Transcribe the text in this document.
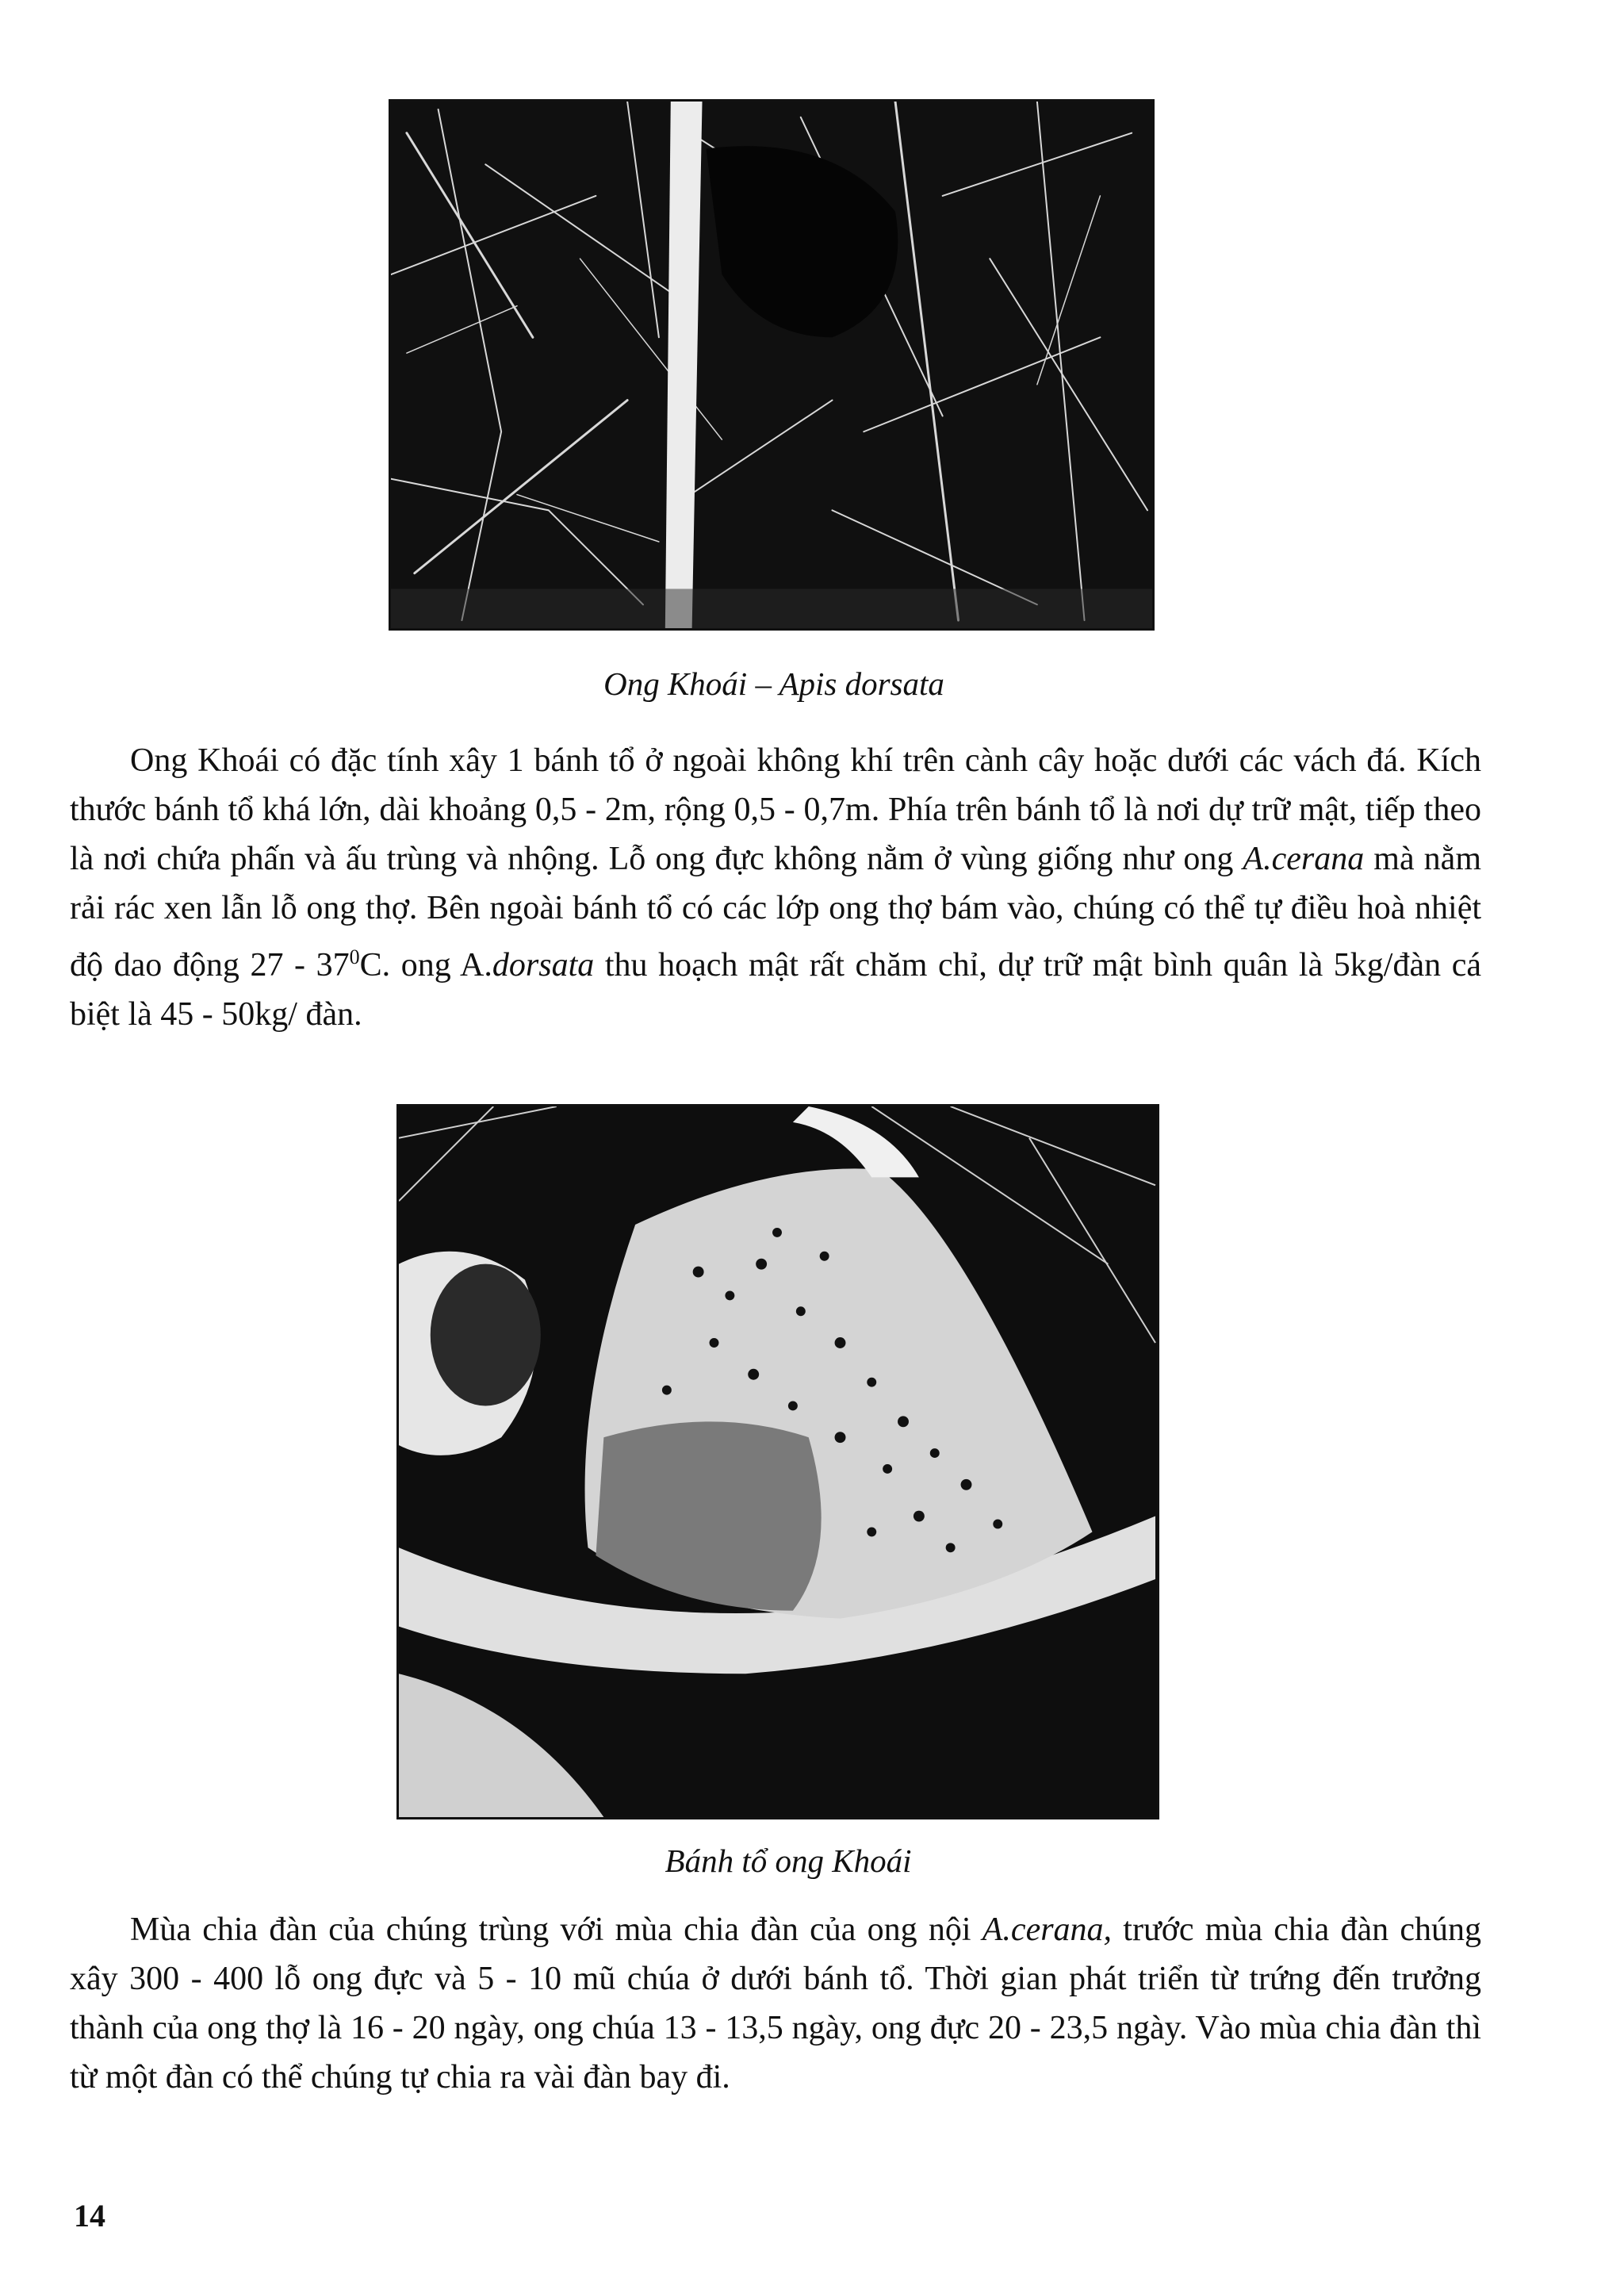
Ong Khoái – Apis dorsata

Ong Khoái có đặc tính xây 1 bánh tổ ở ngoài không khí trên cành cây hoặc dưới các vách đá. Kích thước bánh tổ khá lớn, dài khoảng 0,5 - 2m, rộng 0,5 - 0,7m. Phía trên bánh tổ là nơi dự trữ mật, tiếp theo là nơi chứa phấn và ấu trùng và nhộng. Lỗ ong đực không nằm ở vùng giống như ong A.cerana mà nằm rải rác xen lẫn lỗ ong thợ. Bên ngoài bánh tổ có các lớp ong thợ bám vào, chúng có thể tự điều hoà nhiệt độ dao động $27 - 37^0C$. ong A.dorsata thu hoạch mật rất chăm chỉ, dự trữ mật bình quân là 5kg/đàn cá biệt là 45 - 50kg/ đàn.

Bánh tổ ong Khoái

Mùa chia đàn của chúng trùng với mùa chia đàn của ong nội A.cerana, trước mùa chia đàn chúng xây 300 - 400 lỗ ong đực và 5 - 10 mũ chúa ở dưới bánh tổ. Thời gian phát triển từ trứng đến trưởng thành của ong thợ là 16 - 20 ngày, ong chúa 13 - 13,5 ngày, ong đực 20 - 23,5 ngày. Vào mùa chia đàn thì từ một đàn có thể chúng tự chia ra vài đàn bay đi.

14
